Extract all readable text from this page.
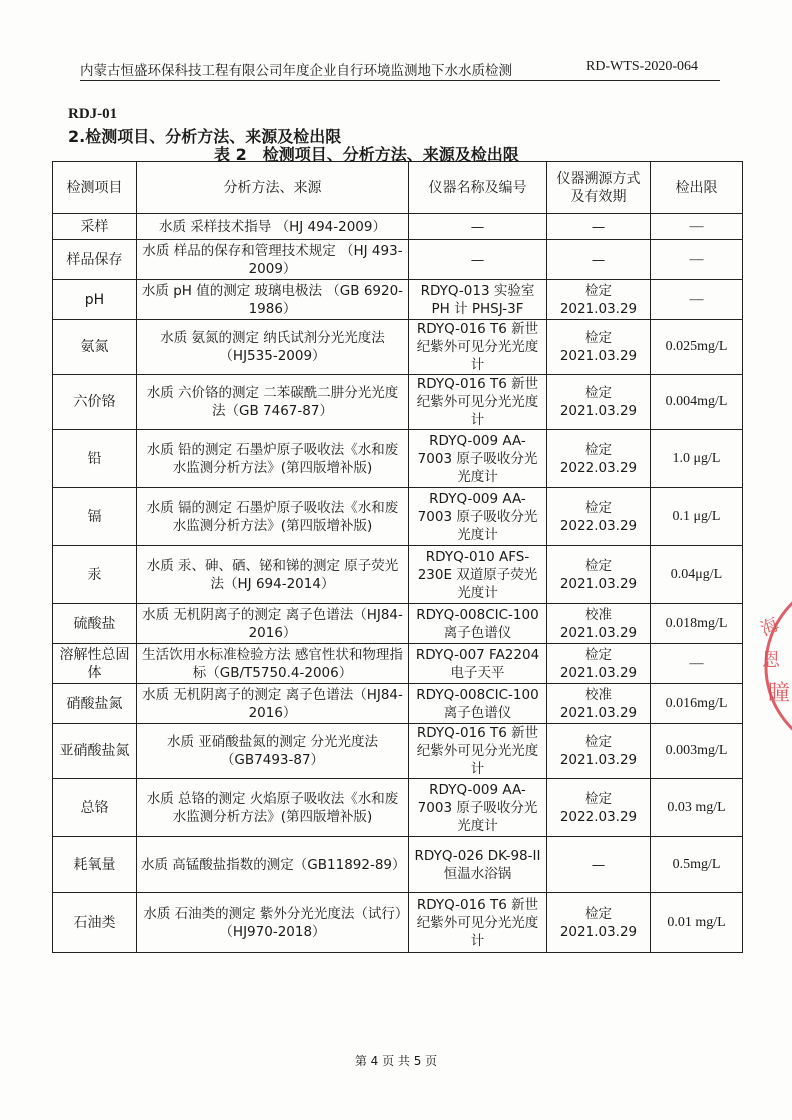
内蒙古恒盛环保科技工程有限公司年度企业自行环境监测地下水水质检测	RD-WTS-2020-064
RDJ-01
2.检测项目、分析方法、来源及检出限
表 2　检测项目、分析方法、来源及检出限
检测项目	分析方法、来源	仪器名称及编号	仪器溯源方式及有效期	检出限
采样	水质 采样技术指导 （HJ 494-2009）	—	—	—
样品保存	水质 样品的保存和管理技术规定 （HJ 493-2009）	—	—	—
pH	水质 pH 值的测定 玻璃电极法 （GB 6920-1986）	RDYQ-013 实验室 PH 计 PHSJ-3F	检定 2021.03.29	—
氨氮	水质 氨氮的测定 纳氏试剂分光光度法（HJ535-2009）	RDYQ-016 T6 新世纪紫外可见分光光度计	检定 2021.03.29	0.025mg/L
六价铬	水质 六价铬的测定 二苯碳酰二肼分光光度法（GB 7467-87）	RDYQ-016 T6 新世纪紫外可见分光光度计	检定 2021.03.29	0.004mg/L
铅	水质 铅的测定 石墨炉原子吸收法《水和废水监测分析方法》(第四版增补版)	RDYQ-009 AA-7003 原子吸收分光光度计	检定 2022.03.29	1.0 μg/L
镉	水质 镉的测定 石墨炉原子吸收法《水和废水监测分析方法》(第四版增补版)	RDYQ-009 AA-7003 原子吸收分光光度计	检定 2022.03.29	0.1 μg/L
汞	水质 汞、砷、硒、铋和锑的测定 原子荧光法（HJ 694-2014）	RDYQ-010 AFS-230E 双道原子荧光光度计	检定 2021.03.29	0.04μg/L
硫酸盐	水质 无机阴离子的测定 离子色谱法（HJ84-2016）	RDYQ-008CIC-100 离子色谱仪	校准 2021.03.29	0.018mg/L
溶解性总固体	生活饮用水标准检验方法 感官性状和物理指标（GB/T5750.4-2006）	RDYQ-007 FA2204 电子天平	检定 2021.03.29	—
硝酸盐氮	水质 无机阴离子的测定 离子色谱法（HJ84-2016）	RDYQ-008CIC-100 离子色谱仪	校准 2021.03.29	0.016mg/L
亚硝酸盐氮	水质 亚硝酸盐氮的测定 分光光度法（GB7493-87）	RDYQ-016 T6 新世纪紫外可见分光光度计	检定 2021.03.29	0.003mg/L
总铬	水质 总铬的测定 火焰原子吸收法《水和废水监测分析方法》(第四版增补版)	RDYQ-009 AA-7003 原子吸收分光光度计	检定 2022.03.29	0.03 mg/L
耗氧量	水质 高锰酸盐指数的测定（GB11892-89）	RDYQ-026 DK-98-II 恒温水浴锅	—	0.5mg/L
石油类	水质 石油类的测定 紫外分光光度法（试行）（HJ970-2018）	RDYQ-016 T6 新世纪紫外可见分光光度计	检定 2021.03.29	0.01 mg/L
海
恩
瞳
第 4 页 共 5 页
